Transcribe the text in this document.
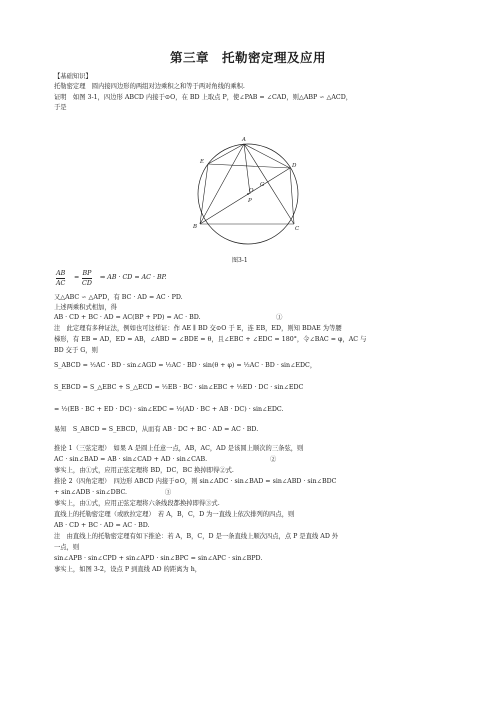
第三章　托勒密定理及应用
【基础知识】
托勒密定理　圆内接四边形的两组对边乘积之和等于两对角线的乘积.
证明　如图 3-1，四边形 ABCD 内接于⊙O，在 BD 上取点 P，使∠PAB = ∠CAD，则△ABP ∽ △ACD，
于是
A
E
D
O
G
P
B	C
图3-1
AB
AC
=
BP
CD
⇒ AB · CD = AC · BP.
又△ABC ∽ △APD，有 BC · AD = AC · PD.
上述两乘积式相加，得
AB · CD + BC · AD = AC(BP + PD) = AC · BD.　　　　　　　　　　　　①
注　此定理有多种证法，例如也可这样证：作 AE ∥ BD 交⊙O 于 E，连 EB，ED，则知 BDAE 为等腰
梯形，有 EB = AD，ED = AB，∠ABD = ∠BDE = θ，且∠EBC + ∠EDC = 180°，令∠BAC = φ，AC 与
BD 交于 G，则
S_ABCD = ½AC · BD · sin∠AGD = ½AC · BD · sin(θ + φ) = ½AC · BD · sin∠EDC，
S_EBCD = S_△EBC + S_△ECD = ½EB · BC · sin∠EBC + ½ED · DC · sin∠EDC
= ½(EB · BC + ED · DC) · sin∠EDC = ½(AD · BC + AB · DC) · sin∠EDC.
易知　S_ABCD = S_EBCD，从而有 AB · DC + BC · AD = AC · BD.
推论 1（三弦定理）　如果 A 是圆上任意一点，AB，AC，AD 是该圆上顺次的三条弦，则
AC · sin∠BAD = AB · sin∠CAD + AD · sin∠CAB.　　　　　　　　　　②
事实上，由①式，应用正弦定理将 BD，DC，BC 换掉即得②式.
推论 2（四角定理）　四边形 ABCD 内接于⊙O，则 sin∠ADC · sin∠BAD = sin∠ABD · sin∠BDC
+ sin∠ADB · sin∠DBC.　　　　　　③
事实上，由①式，应用正弦定理将六条线段都换掉即得③式.
直线上的托勒密定理（或欧拉定理）　若 A，B，C，D 为一直线上依次排列的四点，则
AB · CD + BC · AD = AC · BD.
注　由直线上的托勒密定理有如下推论：若 A，B，C，D 是一条直线上顺次四点，点 P 是直线 AD 外
一点，则
sin∠APB · sin∠CPD + sin∠APD · sin∠BPC = sin∠APC · sin∠BPD.
事实上，如图 3-2，设点 P 到直线 AD 的距离为 h，
